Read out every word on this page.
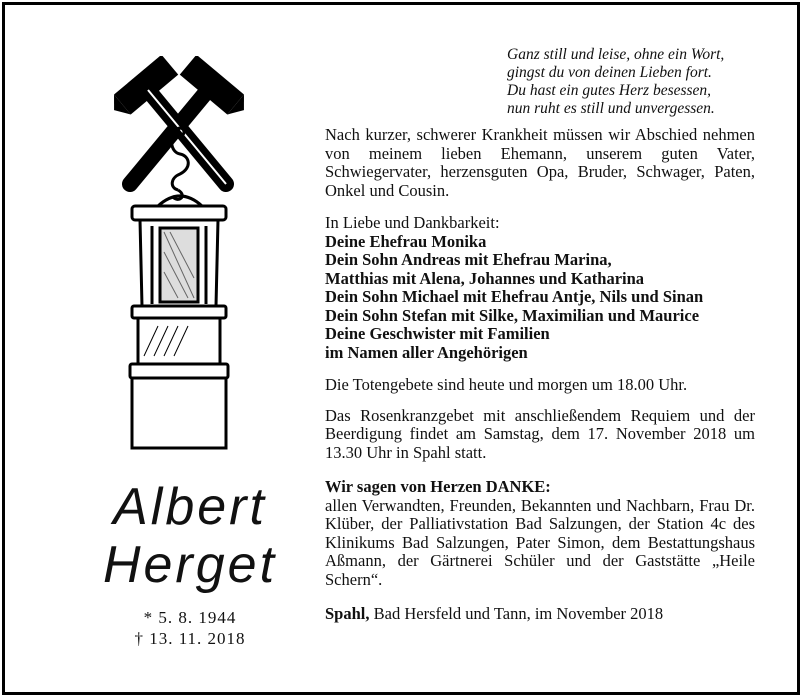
Albert
Herget
* 5. 8. 1944
† 13. 11. 2018
Ganz still und leise, ohne ein Wort,
gingst du von deinen Lieben fort.
Du hast ein gutes Herz besessen,
nun ruht es still und unvergessen.

Nach kurzer, schwerer Krankheit müssen wir Abschied nehmen von meinem lieben Ehemann, unserem guten Vater, Schwiegervater, herzensguten Opa, Bruder, Schwager, Paten, Onkel und Cousin.

In Liebe und Dankbarkeit:
Deine Ehefrau Monika
Dein Sohn Andreas mit Ehefrau Marina,
Matthias mit Alena, Johannes und Katharina
Dein Sohn Michael mit Ehefrau Antje, Nils und Sinan
Dein Sohn Stefan mit Silke, Maximilian und Maurice
Deine Geschwister mit Familien
im Namen aller Angehörigen
Die Totengebete sind heute und morgen um 18.00 Uhr.

Das Rosenkranzgebet mit anschließendem Requiem und der Beerdigung findet am Samstag, dem 17. November 2018 um 13.30 Uhr in Spahl statt.

Wir sagen von Herzen DANKE:

allen Verwandten, Freunden, Bekannten und Nachbarn, Frau Dr. Klüber, der Palliativstation Bad Salzungen, der Station 4c des Klinikums Bad Salzungen, Pater Simon, dem Bestattungshaus Aßmann, der Gärtnerei Schüler und der Gaststätte „Heile Schern“.

Spahl, Bad Hersfeld und Tann, im November 2018
